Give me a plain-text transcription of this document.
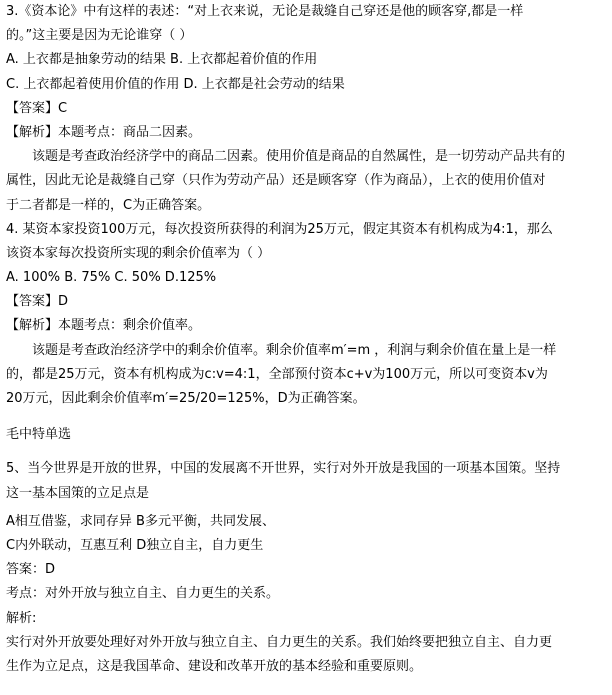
3.《资本论》中有这样的表述：“对上衣来说，无论是裁缝自己穿还是他的顾客穿,都是一样
的。”这主要是因为无论谁穿（ ）
A. 上衣都是抽象劳动的结果 B. 上衣都起着价值的作用
C. 上衣都起着使用价值的作用 D. 上衣都是社会劳动的结果
【答案】C
【解析】本题考点：商品二因素。
该题是考查政治经济学中的商品二因素。使用价值是商品的自然属性，是一切劳动产品共有的
属性，因此无论是裁缝自己穿（只作为劳动产品）还是顾客穿（作为商品），上衣的使用价值对
于二者都是一样的，C为正确答案。
4. 某资本家投资100万元，每次投资所获得的利润为25万元，假定其资本有机构成为4:1，那么
该资本家每次投资所实现的剩余价值率为（ ）
A. 100% B. 75% C. 50% D.125%
【答案】D
【解析】本题考点：剩余价值率。
该题是考查政治经济学中的剩余价值率。剩余价值率m′=m ，利润与剩余价值在量上是一样
的，都是25万元，资本有机构成为c:v=4:1，全部预付资本c+v为100万元，所以可变资本v为
20万元，因此剩余价值率m′=25/20=125%，D为正确答案。
毛中特单选
5、当今世界是开放的世界，中国的发展离不开世界，实行对外开放是我国的一项基本国策。坚持
这一基本国策的立足点是
A相互借鉴，求同存异 B多元平衡，共同发展、
C内外联动，互惠互利 D独立自主，自力更生
答案：D
考点：对外开放与独立自主、自力更生的关系。
解析:
实行对外开放要处理好对外开放与独立自主、自力更生的关系。我们始终要把独立自主、自力更
生作为立足点，这是我国革命、建设和改革开放的基本经验和重要原则。
